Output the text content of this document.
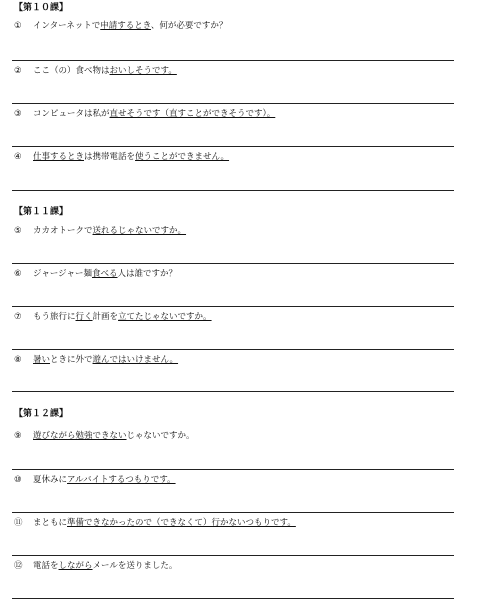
【第１０課】
① インターネットで申請するとき、何が必要ですか？
② ここ（の）食べ物はおいしそうです。
③ コンピュータは私が直せそうです（直すことができそうです）。
④ 仕事するときは携帯電話を使うことができません。
【第１１課】
⑤ カカオトークで送れるじゃないですか。
⑥ ジャージャー麺食べる人は誰ですか？
⑦ もう旅行に行く計画を立てたじゃないですか。
⑧ 暑いときに外で遊んではいけません。
【第１２課】
⑨ 遊びながら勉強できないじゃないですか。
⑩ 夏休みにアルバイトするつもりです。
⑪ まともに準備できなかったので（できなくて）行かないつもりです。
⑫ 電話をしながらメールを送りました。
